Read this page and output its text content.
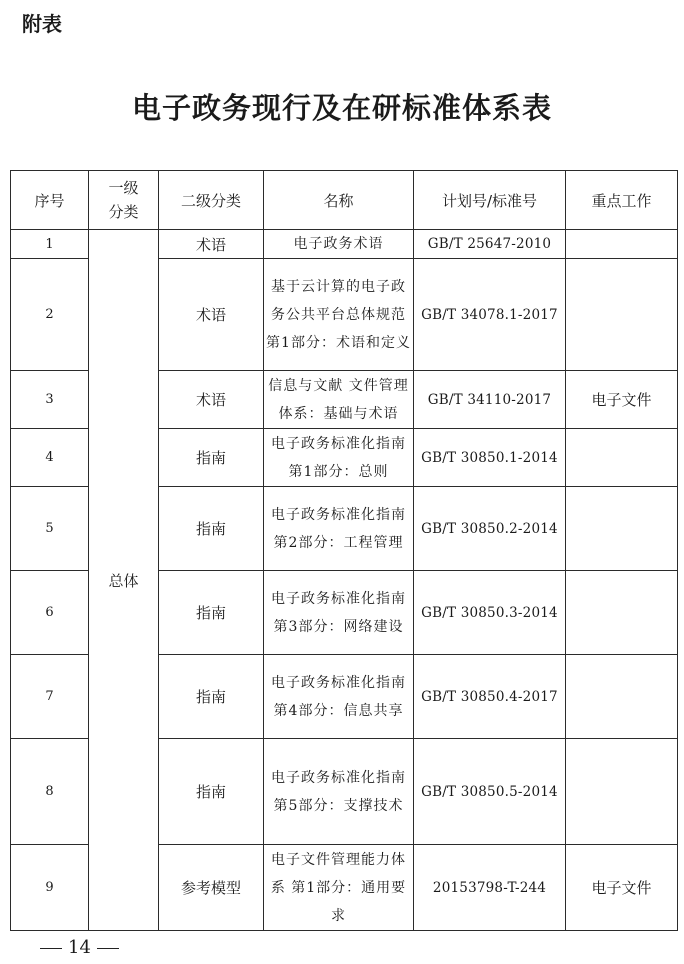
附表
电子政务现行及在研标准体系表
序号	一级分类	二级分类	名称	计划号/标准号	重点工作
1	总体	术语	电子政务术语	GB/T 25647-2010	
2		术语	基于云计算的电子政务公共平台总体规范 第1部分：术语和定义	GB/T 34078.1-2017	
3		术语	信息与文献 文件管理体系：基础与术语	GB/T 34110-2017	电子文件
4		指南	电子政务标准化指南 第1部分：总则	GB/T 30850.1-2014	
5		指南	电子政务标准化指南 第2部分：工程管理	GB/T 30850.2-2014	
6		指南	电子政务标准化指南 第3部分：网络建设	GB/T 30850.3-2014	
7		指南	电子政务标准化指南 第4部分：信息共享	GB/T 30850.4-2017	
8		指南	电子政务标准化指南 第5部分：支撑技术	GB/T 30850.5-2014	
9		参考模型	电子文件管理能力体系 第1部分：通用要求	20153798-T-244	电子文件
14
